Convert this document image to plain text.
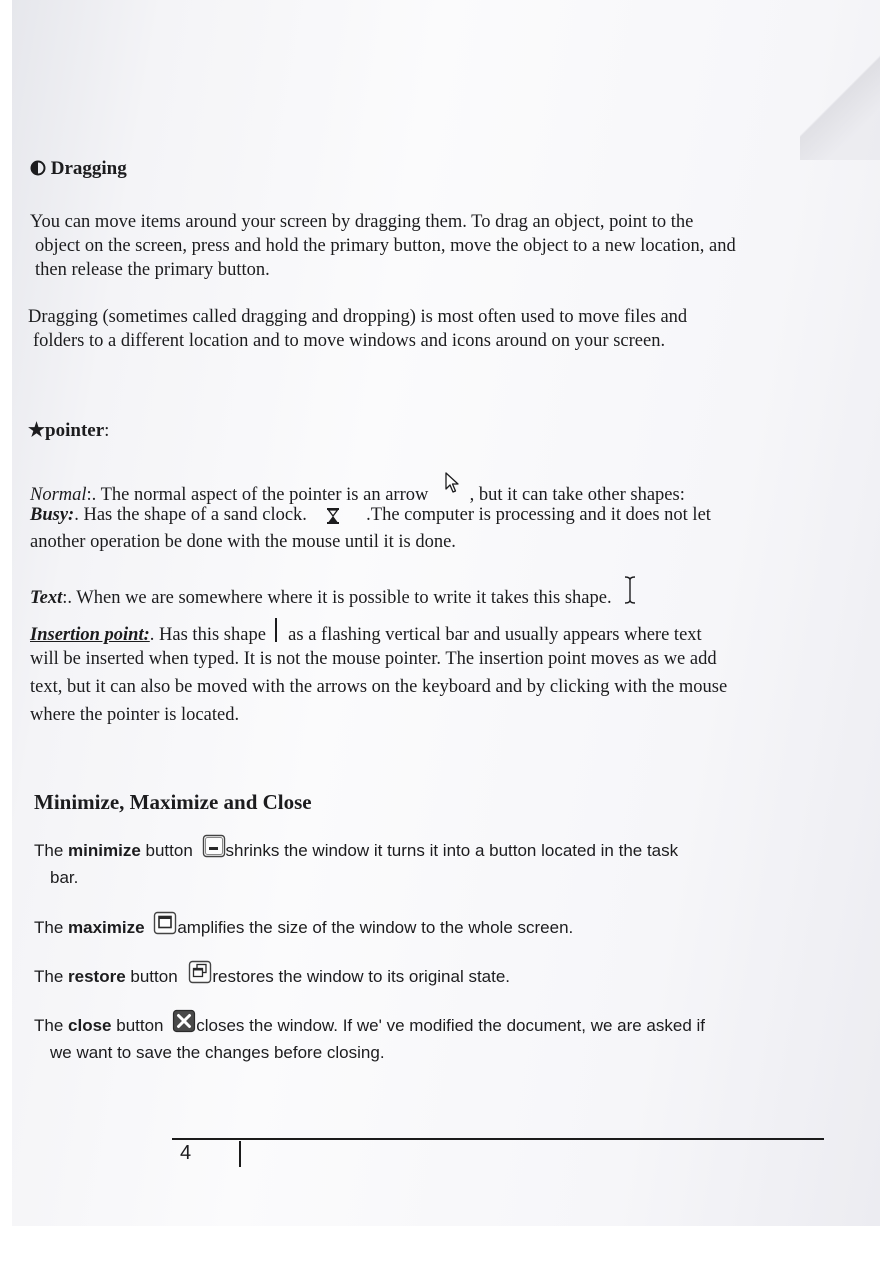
Dragging
You can move items around your screen by dragging them. To drag an object, point to the
object on the screen, press and hold the primary button, move the object to a new location, and
then release the primary button.
Dragging (sometimes called dragging and dropping) is most often used to move files and
folders to a different location and to move windows and icons around on your screen.
★pointer:
Normal:. The normal aspect of the pointer is an arrow , but it can take other shapes:
Busy:. Has the shape of a sand clock.	.The computer is processing and it does not let
another operation be done with the mouse until it is done.
Text:. When we are somewhere where it is possible to write it takes this shape.
Insertion point:. Has this shape as a flashing vertical bar and usually appears where text
will be inserted when typed. It is not the mouse pointer. The insertion point moves as we add
text, but it can also be moved with the arrows on the keyboard and by clicking with the mouse
where the pointer is located.
Minimize, Maximize and Close
The minimize button shrinks the window it turns it into a button located in the task
bar.
The maximize amplifies the size of the window to the whole screen.
The restore button restores the window to its original state.
The close button closes the window. If we' ve modified the document, we are asked if
we want to save the changes before closing.
4
